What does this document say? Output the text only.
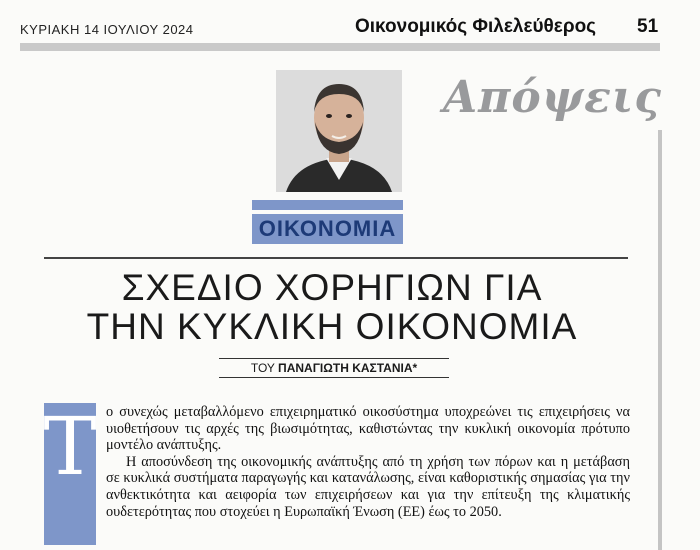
ΚΥΡΙΑΚΗ 14 ΙΟΥΛΙΟΥ 2024	Οικονομικός Φιλελεύθερος 51
Απόψεις
ΟΙΚΟΝΟΜΙΑ
ΣΧΕΔΙΟ ΧΟΡΗΓΙΩΝ ΓΙΑ
ΤΗΝ ΚΥΚΛΙΚΗ ΟΙΚΟΝΟΜΙΑ
ΤΟΥ ΠΑΝΑΓΙΩΤΗ ΚΑΣΤΑΝΙΑ*
Τ ο συνεχώς μεταβαλλόμενο επιχειρηματικό οικοσύστημα υποχρεώνει τις επιχειρήσεις να υιοθετήσουν τις αρχές της βιωσιμότητας, καθιστώντας την κυκλική οικονομία πρότυπο μοντέλο ανάπτυξης.

Η αποσύνδεση της οικονομικής ανάπτυξης από τη χρήση των πόρων και η μετάβαση σε κυκλικά συστήματα παραγωγής και κατανάλωσης, είναι καθοριστικής σημασίας για την ανθεκτικότητα και αειφορία των επιχειρήσεων και για την επίτευξη της κλιματικής ουδετερότητας που στοχεύει η Ευρωπαϊκή Ένωση (ΕΕ) έως το 2050.
